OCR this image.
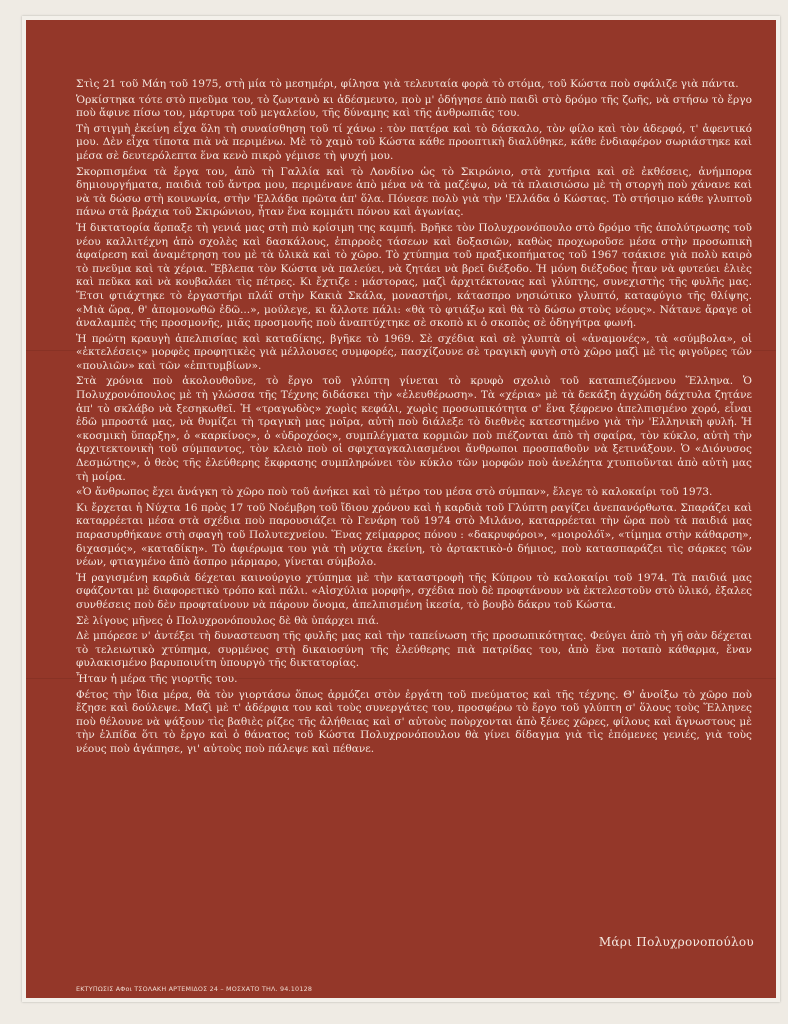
Στὶς 21 τοῦ Μάη τοῦ 1975, στὴ μία τὸ μεσημέρι, φίλησα γιὰ τελευταία φορὰ τὸ στόμα, τοῦ Κώστα ποὺ σφάλιζε γιὰ πάντα.

Ὁρκίστηκα τότε στὸ πνεῦμα του, τὸ ζωντανὸ κι ἀδέσμευτο, ποὺ μ' ὁδήγησε ἀπὸ παιδὶ στὸ δρόμο τῆς ζωῆς, νὰ στήσω τὸ ἔργο ποὺ ἄφινε πίσω του, μάρτυρα τοῦ μεγαλείου, τῆς δύναμης καὶ τῆς ἀνθρωπιᾶς του.

Τὴ στιγμὴ ἐκείνη εἶχα ὅλη τὴ συναίσθηση τοῦ τί χάνω : τὸν πατέρα καὶ τὸ δάσκαλο, τὸν φίλο καὶ τὸν ἀδερφό, τ' ἀφεντικό μου. Δὲν εἶχα τίποτα πιὰ νὰ περιμένω. Μὲ τὸ χαμὸ τοῦ Κώστα κάθε προοπτικὴ διαλύθηκε, κάθε ἐνδιαφέρον σωριάστηκε καὶ μέσα σὲ δευτερόλεπτα ἕνα κενὸ πικρὸ γέμισε τὴ ψυχή μου.

Σκορπισμένα τὰ ἔργα του, ἀπὸ τὴ Γαλλία καὶ τὸ Λονδίνο ὡς τὸ Σκιρώνιο, στὰ χυτήρια καὶ σὲ ἐκθέσεις, ἀνήμπορα δημιουργήματα, παιδιὰ τοῦ ἄντρα μου, περιμένανε ἀπὸ μένα νὰ τὰ μαζέψω, νὰ τὰ πλαισιώσω μὲ τὴ στοργὴ ποὺ χάνανε καὶ νὰ τὰ δώσω στὴ κοινωνία, στὴν 'Ελλάδα πρῶτα ἀπ' ὅλα. Πόνεσε πολὺ γιὰ τὴν 'Ελλάδα ὁ Κώστας. Τὸ στήσιμο κάθε γλυπτοῦ πάνω στὰ βράχια τοῦ Σκιρώνιου, ἦταν ἕνα κομμάτι πόνου καὶ ἀγωνίας.

Ἡ δικτατορία ἅρπαξε τὴ γενιά μας στὴ πιὸ κρίσιμη της καμπή. Βρῆκε τὸν Πολυχρονόπουλο στὸ δρόμο τῆς ἀπολύτρωσης τοῦ νέου καλλιτέχνη ἀπὸ σχολὲς καὶ δασκάλους, ἐπιρροὲς τάσεων καὶ δοξασιῶν, καθὼς προχωροῦσε μέσα στὴν προσωπικὴ ἀφαίρεση καὶ ἀναμέτρηση του μὲ τὰ ὑλικὰ καὶ τὸ χῶρο. Τὸ χτύπημα τοῦ πραξικοπήματος τοῦ 1967 τσάκισε γιὰ πολὺ καιρὸ τὸ πνεῦμα καὶ τὰ χέρια. Ἔβλεπα τὸν Κώστα νὰ παλεύει, νὰ ζητάει νὰ βρεῖ διέξοδο. Ἡ μόνη διέξοδος ἦταν νὰ φυτεύει ἐλιὲς καὶ πεῦκα καὶ νὰ κουβαλάει τὶς πέτρες. Κι ἔχτιζε : μάστορας, μαζὶ ἀρχιτέκτονας καὶ γλύπτης, συνεχιστὴς τῆς φυλῆς μας. Ἔτσι φτιάχτηκε τὸ ἐργαστήρι πλάϊ στὴν Κακιὰ Σκάλα, μοναστήρι, κάτασπρο νησιώτικο γλυπτό, καταφύγιο τῆς θλίψης. «Μιὰ ὥρα, θ' ἀπομονωθῶ ἐδῶ...», μούλεγε, κι ἄλλοτε πάλι: «θὰ τὸ φτιάξω καὶ θὰ τὸ δώσω στοὺς νέους». Νάτανε ἄραγε οἱ ἀναλαμπὲς τῆς προσμονῆς, μιᾶς προσμονῆς ποὺ ἀναπτύχτηκε σὲ σκοπὸ κι ὁ σκοπὸς σὲ ὁδηγήτρα φωνή.

Ἡ πρώτη κραυγὴ ἀπελπισίας καὶ καταδίκης, βγῆκε τὸ 1969. Σὲ σχέδια καὶ σὲ γλυπτὰ οἱ «ἀναμονές», τὰ «σύμβολα», οἱ «ἐκτελέσεις» μορφὲς προφητικὲς γιὰ μέλλουσες συμφορές, πασχίζουνε σὲ τραγικὴ φυγὴ στὸ χῶρο μαζὶ μὲ τὶς φιγοῦρες τῶν «πουλιῶν» καὶ τῶν «ἐπιτυμβίων».

Στὰ χρόνια ποὺ ἀκολουθοῦνε, τὸ ἔργο τοῦ γλύπτη γίνεται τὸ κρυφὸ σχολιὸ τοῦ καταπιεζόμενου Ἕλληνα. Ὁ Πολυχρονόπουλος μὲ τὴ γλώσσα τῆς Τέχνης διδάσκει τὴν «ἐλευθέρωση». Τὰ «χέρια» μὲ τὰ δεκάξη ἀγχώδη δάχτυλα ζητάνε ἀπ' τὸ σκλάβο νὰ ξεσηκωθεῖ. Ἡ «τραγωδὸς» χωρὶς κεφάλι, χωρὶς προσωπικότητα σ' ἕνα ξέφρενο ἀπελπισμένο χορό, εἶναι ἐδῶ μπροστά μας, νὰ θυμίζει τὴ τραγικὴ μας μοῖρα, αὐτὴ ποὺ διάλεξε τὸ διεθνὲς κατεστημένο γιὰ τὴν 'Ελληνικὴ φυλή. Ἡ «κοσμικὴ ὕπαρξη», ὁ «καρκίνος», ὁ «ὑδροχόος», συμπλέγματα κορμιῶν ποὺ πιέζονται ἀπὸ τὴ σφαίρα, τὸν κύκλο, αὐτὴ τὴν ἀρχιτεκτονικὴ τοῦ σύμπαντος, τὸν κλειὸ ποὺ οἱ σφιχταγκαλιασμένοι ἄνθρωποι προσπαθοῦν νὰ ξετινάξουν. Ὁ «Διόνυσος Δεσμώτης», ὁ θεὸς τῆς ἐλεύθερης ἔκφρασης συμπληρώνει τὸν κύκλο τῶν μορφῶν ποὺ ἀνελέητα χτυπιοῦνται ἀπὸ αὐτὴ μας τὴ μοίρα.

«Ὁ ἄνθρωπος ἔχει ἀνάγκη τὸ χῶρο ποὺ τοῦ ἀνήκει καὶ τὸ μέτρο του μέσα στὸ σύμπαν», ἔλεγε τὸ καλοκαίρι τοῦ 1973.

Κι ἔρχεται ἡ Νύχτα 16 πρὸς 17 τοῦ Νοέμβρη τοῦ ἴδιου χρόνου καὶ ἡ καρδιὰ τοῦ Γλύπτη ραγίζει ἀνεπανόρθωτα. Σπαράζει καὶ καταρρέεται μέσα στὰ σχέδια ποὺ παρουσιάζει τὸ Γενάρη τοῦ 1974 στὸ Μιλάνο, καταρρέεται τὴν ὥρα ποὺ τὰ παιδιά μας παρασυρθήκανε στὴ σφαγὴ τοῦ Πολυτεχνείου. Ἕνας χείμαρρος πόνου : «δακρυφόροι», «μοιρολόϊ», «τίμημα στὴν κάθαρση», διχασμός», «καταδίκη». Τὸ ἀφιέρωμα του γιὰ τὴ νύχτα ἐκείνη, τὸ ἀρτακτικὸ-ὁ δήμιος, ποὺ κατασπαράζει τὶς σάρκες τῶν νέων, φτιαγμένο ἀπὸ ἄσπρο μάρμαρο, γίνεται σύμβολο.

Ἡ ραγισμένη καρδιὰ δέχεται καινούργιο χτύπημα μὲ τὴν καταστροφὴ τῆς Κύπρου τὸ καλοκαίρι τοῦ 1974. Τὰ παιδιά μας σφάζονται μὲ διαφορετικὸ τρόπο καὶ πάλι. «Αἰσχύλια μορφή», σχέδια ποὺ δὲ προφτάνουν νὰ ἐκτελεστοῦν στὸ ὑλικό, ἐξαλες συνθέσεις ποὺ δὲν προφταίνουν νὰ πάρουν ὄνομα, ἀπελπισμένη ἱκεσία, τὸ βουβὸ δάκρυ τοῦ Κώστα.

Σὲ λίγους μῆνες ὁ Πολυχρονόπουλος δὲ θὰ ὑπάρχει πιά.

Δὲ μπόρεσε ν' ἀντέξει τὴ δυναστευση τῆς φυλῆς μας καὶ τὴν ταπείνωση τῆς προσωπικότητας. Φεύγει ἀπὸ τὴ γῆ σὰν δέχεται τὸ τελειωτικὸ χτύπημα, συρμένος στὴ δικαιοσύνη τῆς ἐλεύθερης πιὰ πατρίδας του, ἀπὸ ἕνα ποταπὸ κάθαρμα, ἕναν φυλακισμένο βαρυποινίτη ὑπουργὸ τῆς δικτατορίας.

Ἦταν ἡ μέρα τῆς γιορτῆς του.

Φέτος τὴν ἴδια μέρα, θὰ τὸν γιορτάσω ὅπως ἁρμόζει στὸν ἐργάτη τοῦ πνεύματος καὶ τῆς τέχνης. Θ' ἀνοίξω τὸ χῶρο ποὺ ἔζησε καὶ δούλεψε. Μαζὶ μὲ τ' ἀδέρφια του καὶ τοὺς συνεργάτες του, προσφέρω τὸ ἔργο τοῦ γλύπτη σ' ὅλους τοὺς Ἕλληνες ποὺ θέλουνε νὰ ψάξουν τὶς βαθιὲς ρίζες τῆς ἀλήθειας καὶ σ' αὐτοὺς ποὺρχονται ἀπὸ ξένες χῶρες, φίλους καὶ ἄγνωστους μὲ τὴν ἐλπίδα ὅτι τὸ ἔργο καὶ ὁ θάνατος τοῦ Κώστα Πολυχρονόπουλου θὰ γίνει δίδαγμα γιὰ τὶς ἑπόμενες γενιές, γιὰ τοὺς νέους ποὺ ἀγάπησε, γι' αὐτοὺς ποὺ πάλεψε καὶ πέθανε.

Μάρι Πολυχρονοπούλου
ΕΚΤΥΠΩΣΙΣ ΑΦοι ΤΣΟΛΑΚΗ ΑΡΤΕΜΙΔΟΣ 24 – ΜΟΣΧΑΤΟ ΤΗΛ. 94.10128
